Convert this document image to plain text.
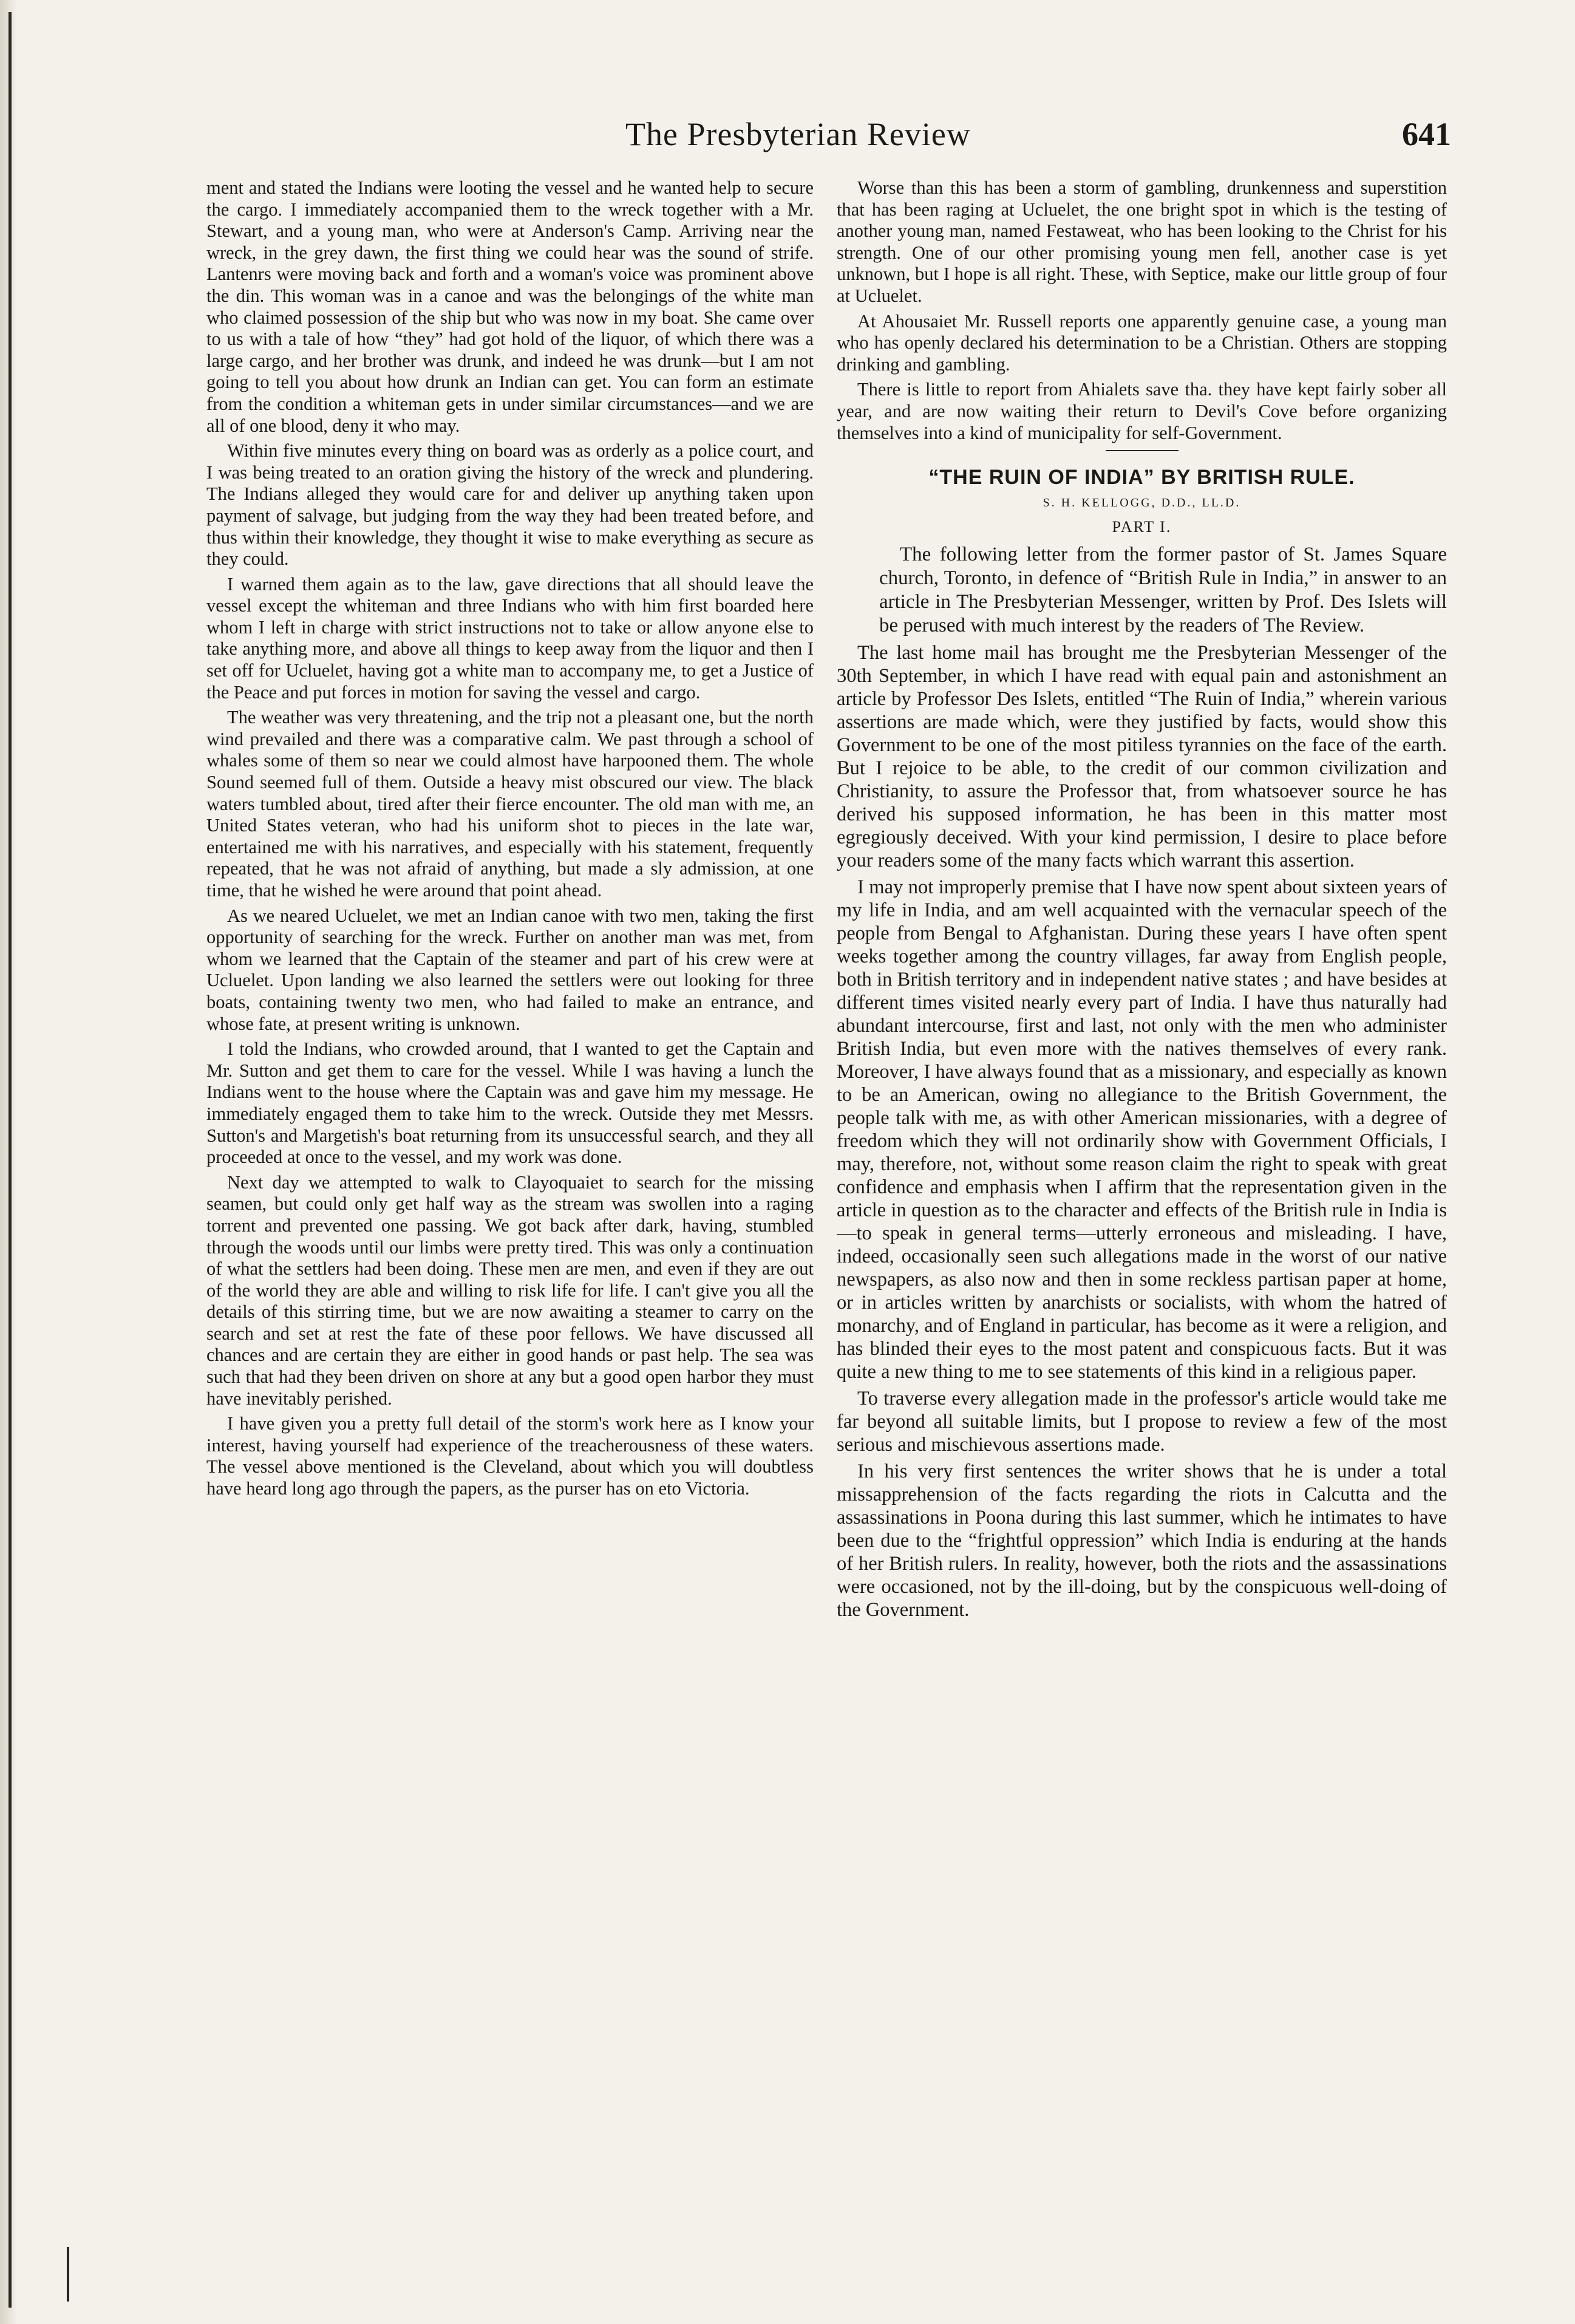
The Presbyterian Review	641

ment and stated the Indians were looting the vessel and he wanted help to secure the cargo. I immediately accompanied them to the wreck together with a Mr. Stewart, and a young man, who were at Anderson's Camp. Arriving near the wreck, in the grey dawn, the first thing we could hear was the sound of strife. Lantenrs were moving back and forth and a woman's voice was prominent above the din. This woman was in a canoe and was the belongings of the white man who claimed possession of the ship but who was now in my boat. She came over to us with a tale of how “they” had got hold of the liquor, of which there was a large cargo, and her brother was drunk, and indeed he was drunk—but I am not going to tell you about how drunk an Indian can get. You can form an estimate from the condition a whiteman gets in under similar circumstances—and we are all of one blood, deny it who may.

Within five minutes every thing on board was as orderly as a police court, and I was being treated to an oration giving the history of the wreck and plundering. The Indians alleged they would care for and deliver up anything taken upon payment of salvage, but judging from the way they had been treated before, and thus within their knowledge, they thought it wise to make everything as secure as they could.

I warned them again as to the law, gave directions that all should leave the vessel except the whiteman and three Indians who with him first boarded here whom I left in charge with strict instructions not to take or allow anyone else to take anything more, and above all things to keep away from the liquor and then I set off for Ucluelet, having got a white man to accompany me, to get a Justice of the Peace and put forces in motion for saving the vessel and cargo.

The weather was very threatening, and the trip not a pleasant one, but the north wind prevailed and there was a comparative calm. We past through a school of whales some of them so near we could almost have harpooned them. The whole Sound seemed full of them. Outside a heavy mist obscured our view. The black waters tumbled about, tired after their fierce encounter. The old man with me, an United States veteran, who had his uniform shot to pieces in the late war, entertained me with his narratives, and especially with his statement, frequently repeated, that he was not afraid of anything, but made a sly admission, at one time, that he wished he were around that point ahead.

As we neared Ucluelet, we met an Indian canoe with two men, taking the first opportunity of searching for the wreck. Further on another man was met, from whom we learned that the Captain of the steamer and part of his crew were at Ucluelet. Upon landing we also learned the settlers were out looking for three boats, containing twenty two men, who had failed to make an entrance, and whose fate, at present writing is unknown.

I told the Indians, who crowded around, that I wanted to get the Captain and Mr. Sutton and get them to care for the vessel. While I was having a lunch the Indians went to the house where the Captain was and gave him my message. He immediately engaged them to take him to the wreck. Outside they met Messrs. Sutton's and Margetish's boat returning from its unsuccessful search, and they all proceeded at once to the vessel, and my work was done.

Next day we attempted to walk to Clayoquaiet to search for the missing seamen, but could only get half way as the stream was swollen into a raging torrent and prevented one passing. We got back after dark, having, stumbled through the woods until our limbs were pretty tired. This was only a continuation of what the settlers had been doing. These men are men, and even if they are out of the world they are able and willing to risk life for life. I can't give you all the details of this stirring time, but we are now awaiting a steamer to carry on the search and set at rest the fate of these poor fellows. We have discussed all chances and are certain they are either in good hands or past help. The sea was such that had they been driven on shore at any but a good open harbor they must have inevitably perished.

I have given you a pretty full detail of the storm's work here as I know your interest, having yourself had experience of the treacherousness of these waters. The vessel above mentioned is the Cleveland, about which you will doubtless have heard long ago through the papers, as the purser has on eto Victoria.

Worse than this has been a storm of gambling, drunkenness and superstition that has been raging at Ucluelet, the one bright spot in which is the testing of another young man, named Festaweat, who has been looking to the Christ for his strength. One of our other promising young men fell, another case is yet unknown, but I hope is all right. These, with Septice, make our little group of four at Ucluelet.

At Ahousaiet Mr. Russell reports one apparently genuine case, a young man who has openly declared his determination to be a Christian. Others are stopping drinking and gambling.

There is little to report from Ahialets save tha. they have kept fairly sober all year, and are now waiting their return to Devil's Cove before organizing themselves into a kind of municipality for self-Government.

“THE RUIN OF INDIA” BY BRITISH RULE.
S. H. KELLOGG, D.D., LL.D.
PART I.

The following letter from the former pastor of St. James Square church, Toronto, in defence of “British Rule in India,” in answer to an article in The Presbyterian Messenger, written by Prof. Des Islets will be perused with much interest by the readers of The Review.

The last home mail has brought me the Presbyterian Messenger of the 30th September, in which I have read with equal pain and astonishment an article by Professor Des Islets, entitled “The Ruin of India,” wherein various assertions are made which, were they justified by facts, would show this Government to be one of the most pitiless tyrannies on the face of the earth. But I rejoice to be able, to the credit of our common civilization and Christianity, to assure the Professor that, from whatsoever source he has derived his supposed information, he has been in this matter most egregiously deceived. With your kind permission, I desire to place before your readers some of the many facts which warrant this assertion.

I may not improperly premise that I have now spent about sixteen years of my life in India, and am well acquainted with the vernacular speech of the people from Bengal to Afghanistan. During these years I have often spent weeks together among the country villages, far away from English people, both in British territory and in independent native states ; and have besides at different times visited nearly every part of India. I have thus naturally had abundant intercourse, first and last, not only with the men who administer British India, but even more with the natives themselves of every rank. Moreover, I have always found that as a missionary, and especially as known to be an American, owing no allegiance to the British Government, the people talk with me, as with other American missionaries, with a degree of freedom which they will not ordinarily show with Government Officials, I may, therefore, not, without some reason claim the right to speak with great confidence and emphasis when I affirm that the representation given in the article in question as to the character and effects of the British rule in India is—to speak in general terms—utterly erroneous and misleading. I have, indeed, occasionally seen such allegations made in the worst of our native newspapers, as also now and then in some reckless partisan paper at home, or in articles written by anarchists or socialists, with whom the hatred of monarchy, and of England in particular, has become as it were a religion, and has blinded their eyes to the most patent and conspicuous facts. But it was quite a new thing to me to see statements of this kind in a religious paper.

To traverse every allegation made in the professor's article would take me far beyond all suitable limits, but I propose to review a few of the most serious and mischievous assertions made.

In his very first sentences the writer shows that he is under a total missapprehension of the facts regarding the riots in Calcutta and the assassinations in Poona during this last summer, which he intimates to have been due to the “frightful oppression” which India is enduring at the hands of her British rulers. In reality, however, both the riots and the assassinations were occasioned, not by the ill-doing, but by the conspicuous well-doing of the Government.
